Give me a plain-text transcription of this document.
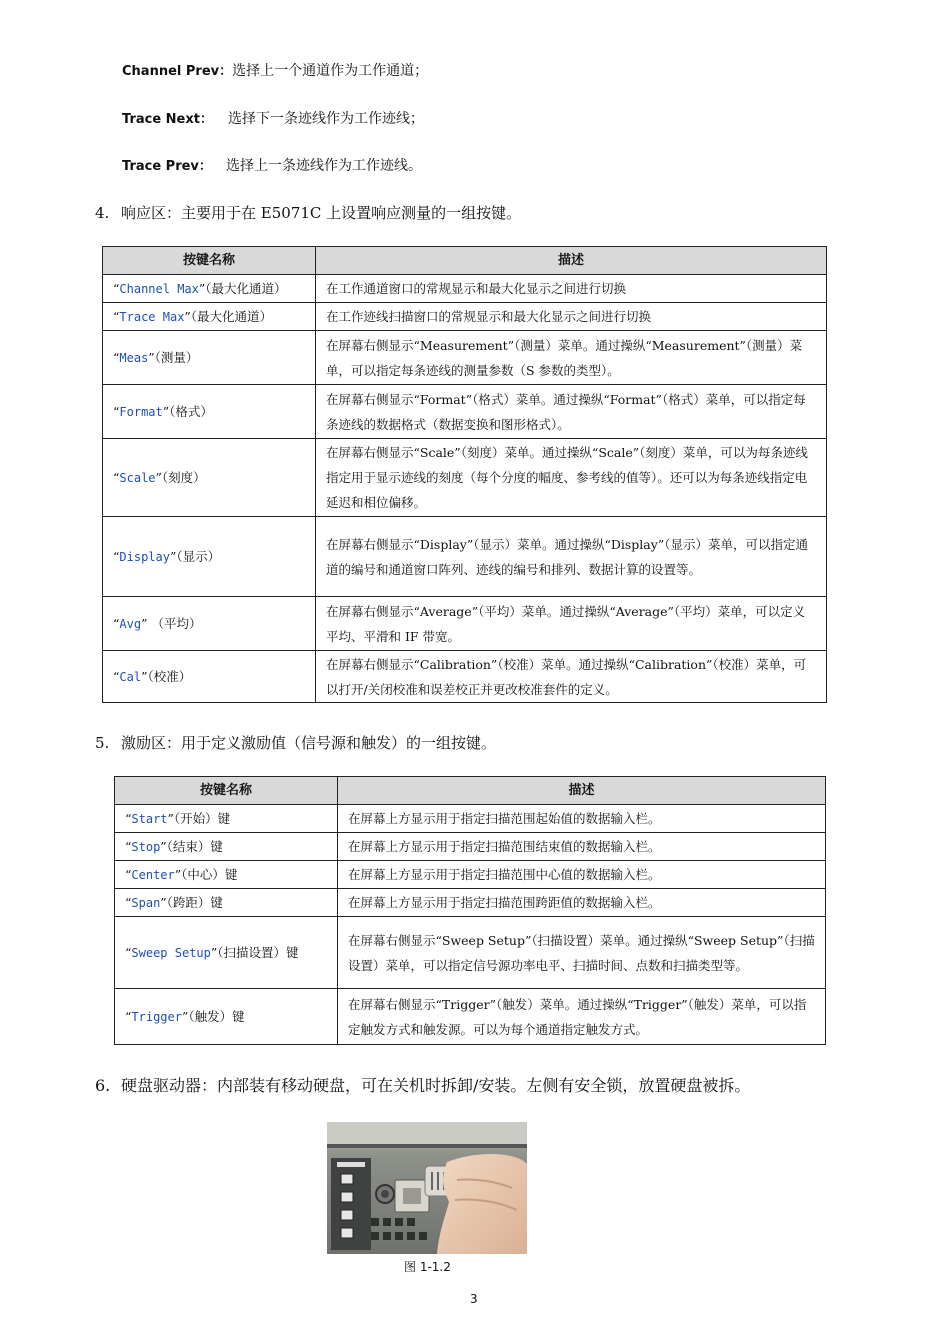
Channel Prev：选择上一个通道作为工作通道；
Trace Next： 选择下一条迹线作为工作迹线；
Trace Prev： 选择上一条迹线作为工作迹线。
4. 响应区：主要用于在 E5071C 上设置响应测量的一组按键。
按键名称	描述
“Channel Max”（最大化通道）	在工作通道窗口的常规显示和最大化显示之间进行切换
“Trace Max”（最大化通道）	在工作迹线扫描窗口的常规显示和最大化显示之间进行切换
“Meas”（测量）	在屏幕右侧显示“Measurement”（测量）菜单。通过操纵“Measurement”（测量）菜单，可以指定每条迹线的测量参数（S 参数的类型）。
“Format”（格式）	在屏幕右侧显示“Format”（格式）菜单。通过操纵“Format”（格式）菜单，可以指定每条迹线的数据格式（数据变换和图形格式）。
“Scale”（刻度）	在屏幕右侧显示“Scale”（刻度）菜单。通过操纵“Scale”（刻度）菜单，可以为每条迹线指定用于显示迹线的刻度（每个分度的幅度、参考线的值等）。还可以为每条迹线指定电延迟和相位偏移。
“Display”（显示）	在屏幕右侧显示“Display”（显示）菜单。通过操纵“Display”（显示）菜单，可以指定通道的编号和通道窗口阵列、迹线的编号和排列、数据计算的设置等。
“Avg” （平均）	在屏幕右侧显示“Average”（平均）菜单。通过操纵“Average”（平均）菜单，可以定义平均、平滑和 IF 带宽。
“Cal”（校准）	在屏幕右侧显示“Calibration”（校准）菜单。通过操纵“Calibration”（校准）菜单，可以打开/关闭校准和误差校正并更改校准套件的定义。
5. 激励区：用于定义激励值（信号源和触发）的一组按键。
按键名称	描述
“Start”（开始）键	在屏幕上方显示用于指定扫描范围起始值的数据输入栏。
“Stop”（结束）键	在屏幕上方显示用于指定扫描范围结束值的数据输入栏。
“Center”（中心）键	在屏幕上方显示用于指定扫描范围中心值的数据输入栏。
“Span”（跨距）键	在屏幕上方显示用于指定扫描范围跨距值的数据输入栏。
“Sweep Setup”（扫描设置）键	在屏幕右侧显示“Sweep Setup”（扫描设置）菜单。通过操纵“Sweep Setup”（扫描设置）菜单，可以指定信号源功率电平、扫描时间、点数和扫描类型等。
“Trigger”（触发）键	在屏幕右侧显示“Trigger”（触发）菜单。通过操纵“Trigger”（触发）菜单，可以指定触发方式和触发源。可以为每个通道指定触发方式。
6. 硬盘驱动器：内部装有移动硬盘，可在关机时拆卸/安装。左侧有安全锁，放置硬盘被拆。
图 1-1.2
3
